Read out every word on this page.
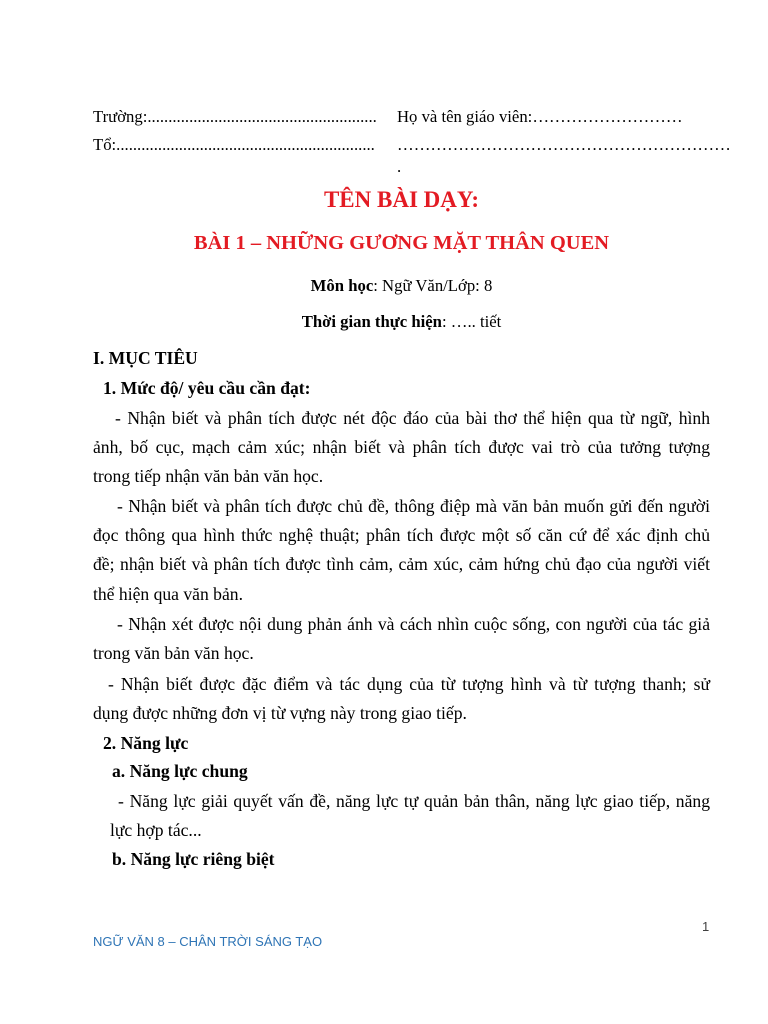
Trường:....................................................... Họ và tên giáo viên:………………………
Tổ:.............................................................. ……………………………………………………
.
TÊN BÀI DẠY:
BÀI 1 – NHỮNG GƯƠNG MẶT THÂN QUEN
Môn học: Ngữ Văn/Lớp: 8
Thời gian thực hiện: ….. tiết
I. MỤC TIÊU
1. Mức độ/ yêu cầu cần đạt:
- Nhận biết và phân tích được nét độc đáo của bài thơ thể hiện qua từ ngữ, hình
ảnh, bố cục, mạch cảm xúc; nhận biết và phân tích được vai trò của tưởng tượng
trong tiếp nhận văn bản văn học.
- Nhận biết và phân tích được chủ đề, thông điệp mà văn bản muốn gửi đến người
đọc thông qua hình thức nghệ thuật; phân tích được một số căn cứ để xác định chủ
đề; nhận biết và phân tích được tình cảm, cảm xúc, cảm hứng chủ đạo của người viết
thể hiện qua văn bản.
- Nhận xét được nội dung phản ánh và cách nhìn cuộc sống, con người của tác giả
trong văn bản văn học.
- Nhận biết được đặc điểm và tác dụng của từ tượng hình và từ tượng thanh; sử
dụng được những đơn vị từ vựng này trong giao tiếp.
2. Năng lực
a. Năng lực chung
- Năng lực giải quyết vấn đề, năng lực tự quản bản thân, năng lực giao tiếp, năng
lực hợp tác...
b. Năng lực riêng biệt
1
NGỮ VĂN 8 – CHÂN TRỜI SÁNG TẠO
